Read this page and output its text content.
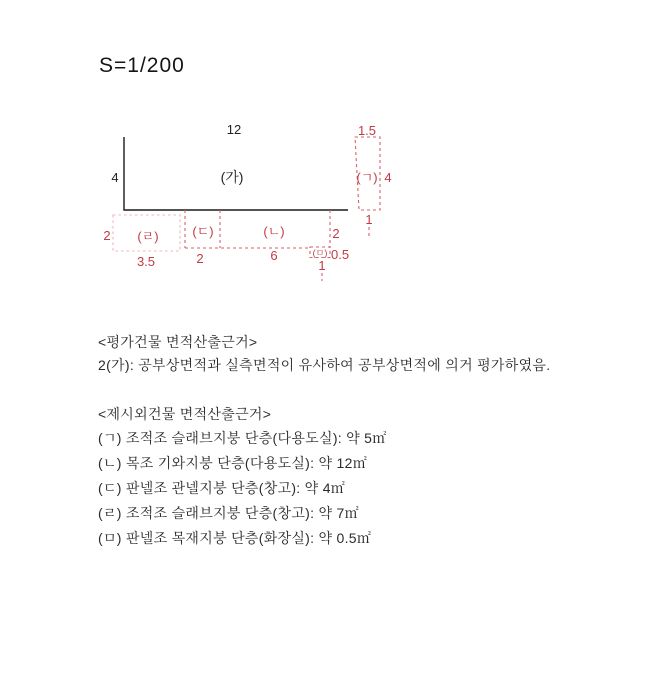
S=1/200
12
4	(가)
1.5
(ㄱ) 4
1
(ㄹ)
2
3.5
(ㄷ)
2
(ㄴ)
6
2
(ㅁ) 0.5
1
<평가건물 면적산출근거>
2(가): 공부상면적과 실측면적이 유사하여 공부상면적에 의거 평가하였음.
<제시외건물 면적산출근거>
(ㄱ) 조적조 슬래브지붕 단층(다용도실): 약 5㎡
(ㄴ) 목조 기와지붕 단층(다용도실): 약 12㎡
(ㄷ) 판넬조 관넬지붕 단층(창고): 약 4㎡
(ㄹ) 조적조 슬래브지붕 단층(창고): 약 7㎡
(ㅁ) 판넬조 목재지붕 단층(화장실): 약 0.5㎡
